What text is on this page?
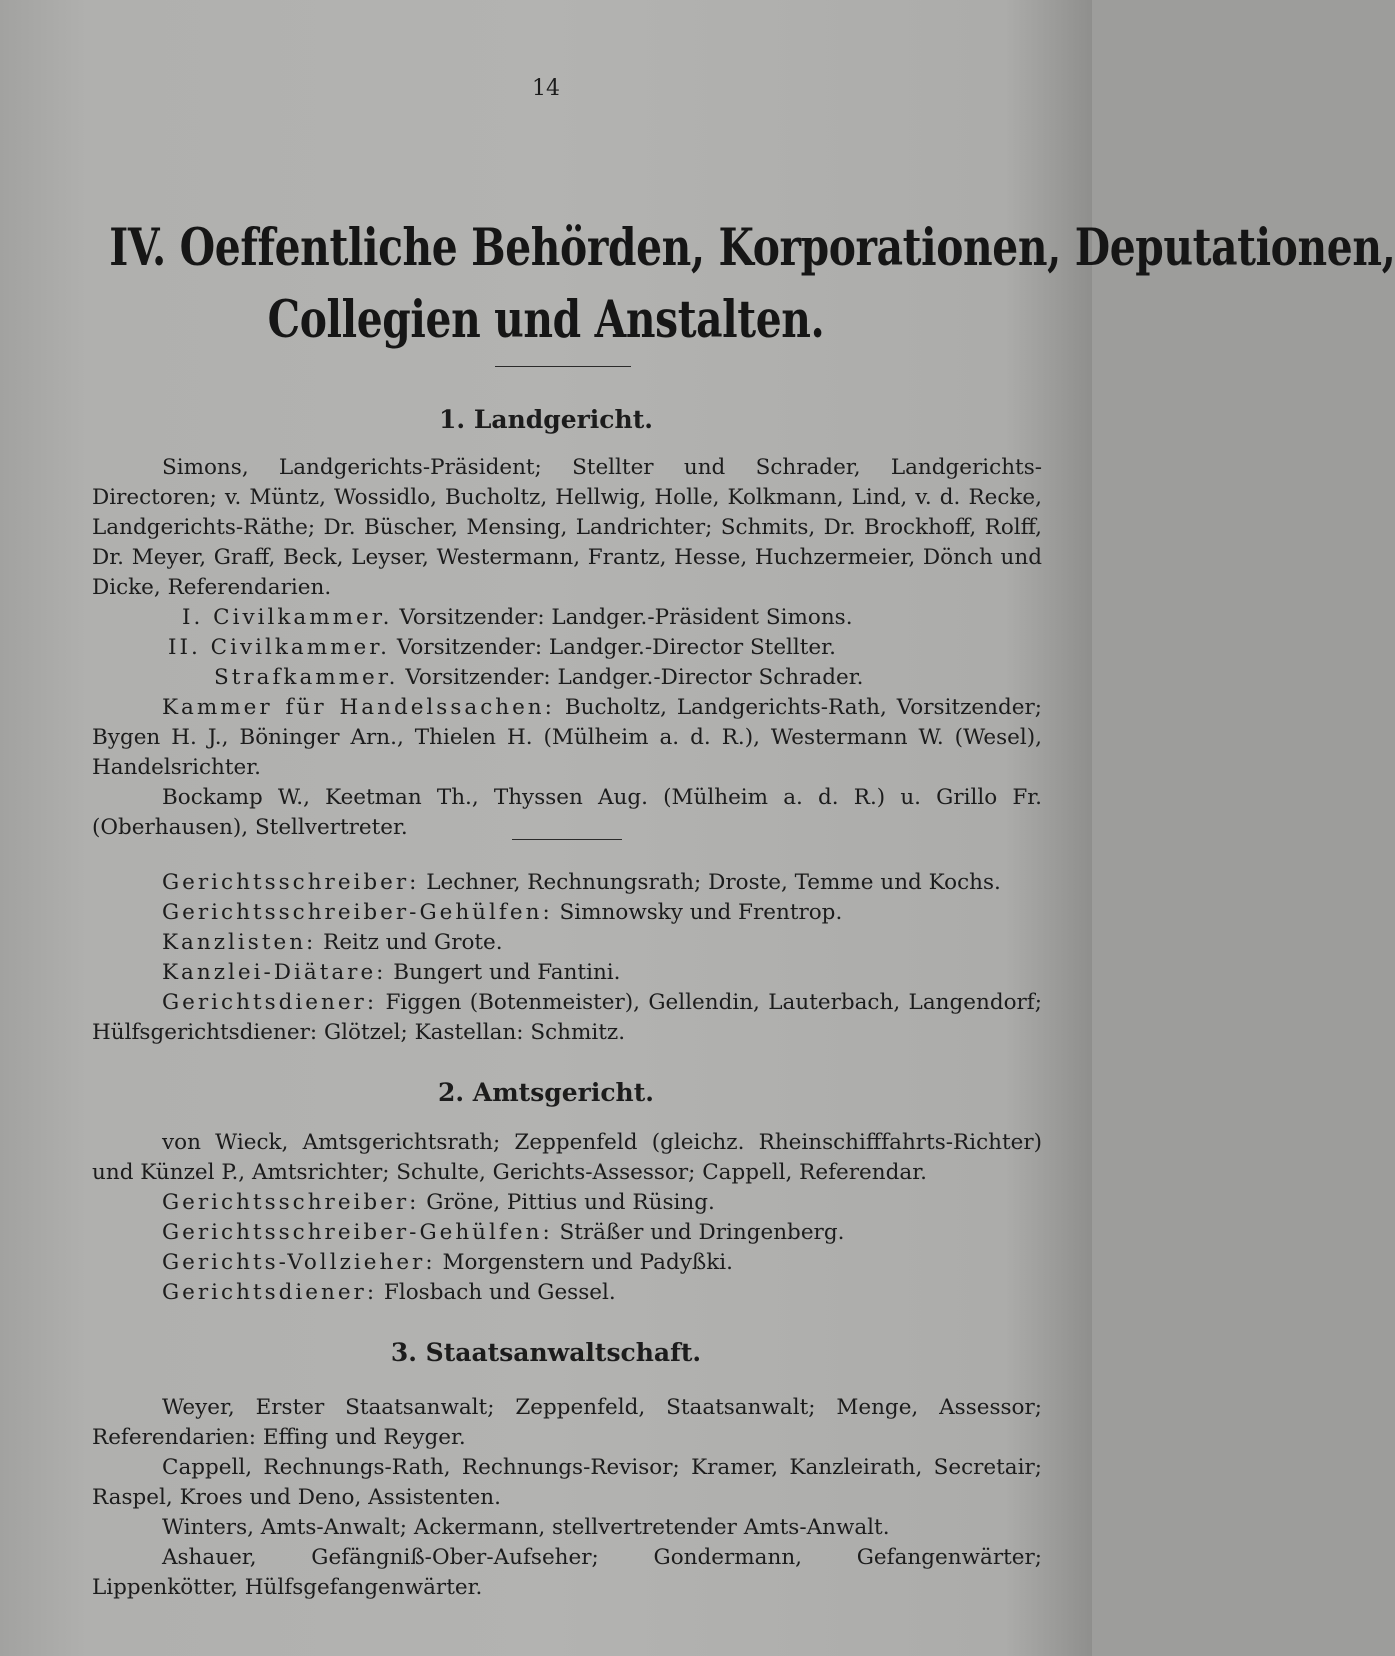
14
IV. Oeffentliche Behörden, Korporationen, Deputationen,
Collegien und Anstalten.
1. Landgericht.
Simons, Landgerichts-Präsident; Stellter und Schrader, Landgerichts-Directoren; v. Müntz, Wossidlo, Bucholtz, Hellwig, Holle, Kolkmann, Lind, v. d. Recke, Landgerichts-Räthe; Dr. Büscher, Mensing, Landrichter; Schmits, Dr. Brockhoff, Rolff, Dr. Meyer, Graff, Beck, Leyser, Westermann, Frantz, Hesse, Huchzermeier, Dönch und Dicke, Referendarien.
I. Civilkammer. Vorsitzender: Landger.-Präsident Simons.
II. Civilkammer. Vorsitzender: Landger.-Director Stellter.
Strafkammer. Vorsitzender: Landger.-Director Schrader.
Kammer für Handelssachen: Bucholtz, Landgerichts-Rath, Vorsitzender; Bygen H. J., Böninger Arn., Thielen H. (Mülheim a. d. R.), Westermann W. (Wesel), Handelsrichter.
Bockamp W., Keetman Th., Thyssen Aug. (Mülheim a. d. R.) u. Grillo Fr. (Oberhausen), Stellvertreter.
Gerichtsschreiber: Lechner, Rechnungsrath; Droste, Temme und Kochs.
Gerichtsschreiber-Gehülfen: Simnowsky und Frentrop.
Kanzlisten: Reitz und Grote.
Kanzlei-Diätare: Bungert und Fantini.
Gerichtsdiener: Figgen (Botenmeister), Gellendin, Lauterbach, Langendorf; Hülfsgerichtsdiener: Glötzel; Kastellan: Schmitz.
2. Amtsgericht.
von Wieck, Amtsgerichtsrath; Zeppenfeld (gleichz. Rheinschifffahrts-Richter) und Künzel P., Amtsrichter; Schulte, Gerichts-Assessor; Cappell, Referendar.
Gerichtsschreiber: Gröne, Pittius und Rüsing.
Gerichtsschreiber-Gehülfen: Sträßer und Dringenberg.
Gerichts-Vollzieher: Morgenstern und Padyßki.
Gerichtsdiener: Flosbach und Gessel.
3. Staatsanwaltschaft.
Weyer, Erster Staatsanwalt; Zeppenfeld, Staatsanwalt; Menge, Assessor; Referendarien: Effing und Reyger.
Cappell, Rechnungs-Rath, Rechnungs-Revisor; Kramer, Kanzleirath, Secretair; Raspel, Kroes und Deno, Assistenten.
Winters, Amts-Anwalt; Ackermann, stellvertretender Amts-Anwalt.
Ashauer, Gefängniß-Ober-Aufseher; Gondermann, Gefangenwärter; Lippenkötter, Hülfsgefangenwärter.
